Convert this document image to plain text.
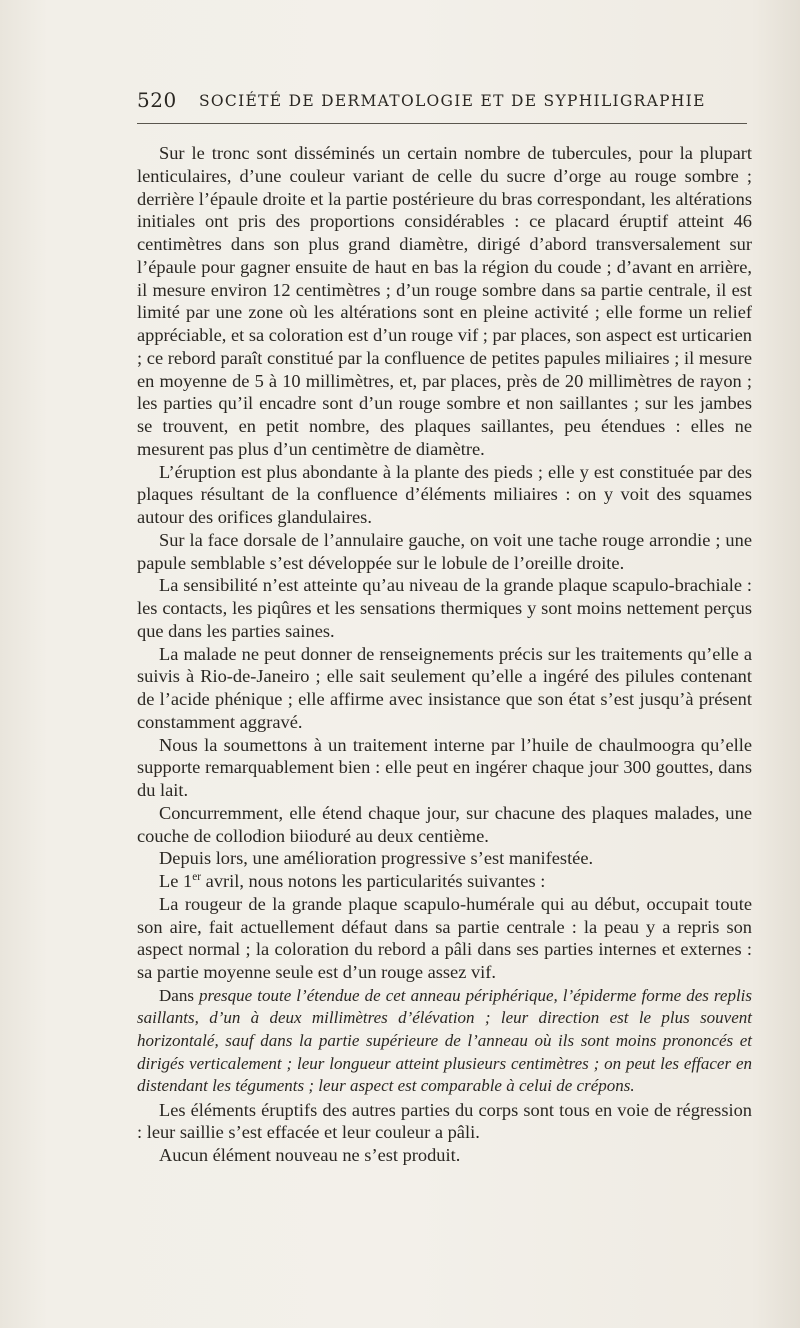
520 SOCIÉTÉ DE DERMATOLOGIE ET DE SYPHILIGRAPHIE

Sur le tronc sont disséminés un certain nombre de tubercules, pour la plupart lenticulaires, d’une couleur variant de celle du sucre d’orge au rouge sombre ; derrière l’épaule droite et la partie postérieure du bras correspondant, les altérations initiales ont pris des proportions considérables : ce placard éruptif atteint 46 centimètres dans son plus grand diamètre, dirigé d’abord transversalement sur l’épaule pour gagner ensuite de haut en bas la région du coude ; d’avant en arrière, il mesure environ 12 centimètres ; d’un rouge sombre dans sa partie centrale, il est limité par une zone où les altérations sont en pleine activité ; elle forme un relief appréciable, et sa coloration est d’un rouge vif ; par places, son aspect est urticarien ; ce rebord paraît constitué par la confluence de petites papules miliaires ; il mesure en moyenne de 5 à 10 millimètres, et, par places, près de 20 millimètres de rayon ; les parties qu’il encadre sont d’un rouge sombre et non saillantes ; sur les jambes se trouvent, en petit nombre, des plaques saillantes, peu étendues : elles ne mesurent pas plus d’un centimètre de diamètre.

L’éruption est plus abondante à la plante des pieds ; elle y est constituée par des plaques résultant de la confluence d’éléments miliaires : on y voit des squames autour des orifices glandulaires.

Sur la face dorsale de l’annulaire gauche, on voit une tache rouge arrondie ; une papule semblable s’est développée sur le lobule de l’oreille droite.

La sensibilité n’est atteinte qu’au niveau de la grande plaque scapulo-brachiale : les contacts, les piqûres et les sensations thermiques y sont moins nettement perçus que dans les parties saines.

La malade ne peut donner de renseignements précis sur les traitements qu’elle a suivis à Rio-de-Janeiro ; elle sait seulement qu’elle a ingéré des pilules contenant de l’acide phénique ; elle affirme avec insistance que son état s’est jusqu’à présent constamment aggravé.

Nous la soumettons à un traitement interne par l’huile de chaulmoogra qu’elle supporte remarquablement bien : elle peut en ingérer chaque jour 300 gouttes, dans du lait.

Concurremment, elle étend chaque jour, sur chacune des plaques malades, une couche de collodion biioduré au deux centième.

Depuis lors, une amélioration progressive s’est manifestée.

Le 1er avril, nous notons les particularités suivantes :

La rougeur de la grande plaque scapulo-humérale qui au début, occupait toute son aire, fait actuellement défaut dans sa partie centrale : la peau y a repris son aspect normal ; la coloration du rebord a pâli dans ses parties internes et externes : sa partie moyenne seule est d’un rouge assez vif.

Dans presque toute l’étendue de cet anneau périphérique, l’épiderme forme des replis saillants, d’un à deux millimètres d’élévation ; leur direction est le plus souvent horizontalé, sauf dans la partie supérieure de l’anneau où ils sont moins prononcés et dirigés verticalement ; leur longueur atteint plusieurs centimètres ; on peut les effacer en distendant les téguments ; leur aspect est comparable à celui de crépons.

Les éléments éruptifs des autres parties du corps sont tous en voie de régression : leur saillie s’est effacée et leur couleur a pâli.

Aucun élément nouveau ne s’est produit.
